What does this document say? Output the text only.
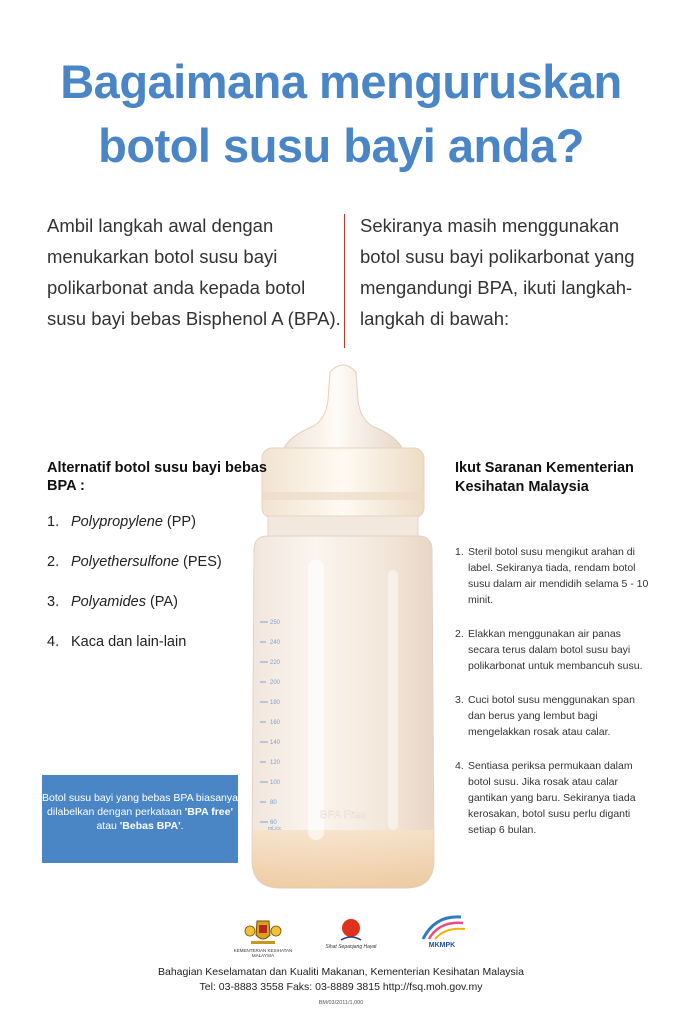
Bagaimana menguruskan
botol susu bayi anda?
Ambil langkah awal dengan menukarkan botol susu bayi polikarbonat anda kepada botol susu bayi bebas Bisphenol A (BPA).
Sekiranya masih menggunakan botol susu bayi polikarbonat yang mengandungi BPA, ikuti langkah-langkah di bawah:
250
240
220
200
180
160
140
120
100
80
60
mL/cc
BPA Free
Alternatif botol susu bayi bebas BPA :
1. Polypropylene (PP)
2. Polyethersulfone (PES)
3. Polyamides (PA)
4. Kaca dan lain-lain
Botol susu bayi yang bebas BPA biasanya dilabelkan dengan perkataan 'BPA free' atau 'Bebas BPA'.
Ikut Saranan Kementerian Kesihatan Malaysia
1. Steril botol susu mengikut arahan di label. Sekiranya tiada, rendam botol susu dalam air mendidih selama 5 - 10 minit.
2. Elakkan menggunakan air panas secara terus dalam botol susu bayi polikarbonat untuk membancuh susu.
3. Cuci botol susu menggunakan span dan berus yang lembut bagi mengelakkan rosak atau calar.
4. Sentiasa periksa permukaan dalam botol susu. Jika rosak atau calar gantikan yang baru. Sekiranya tiada kerosakan, botol susu perlu diganti setiap 6 bulan.
KEMENTERIAN KESIHATAN MALAYSIA
Sihat Sepanjang Hayat	MKMPK
Bahagian Keselamatan dan Kualiti Makanan, Kementerian Kesihatan Malaysia
Tel: 03-8883 3558 Faks: 03-8889 3815 http://fsq.moh.gov.my
BM/03/2011/1,000
